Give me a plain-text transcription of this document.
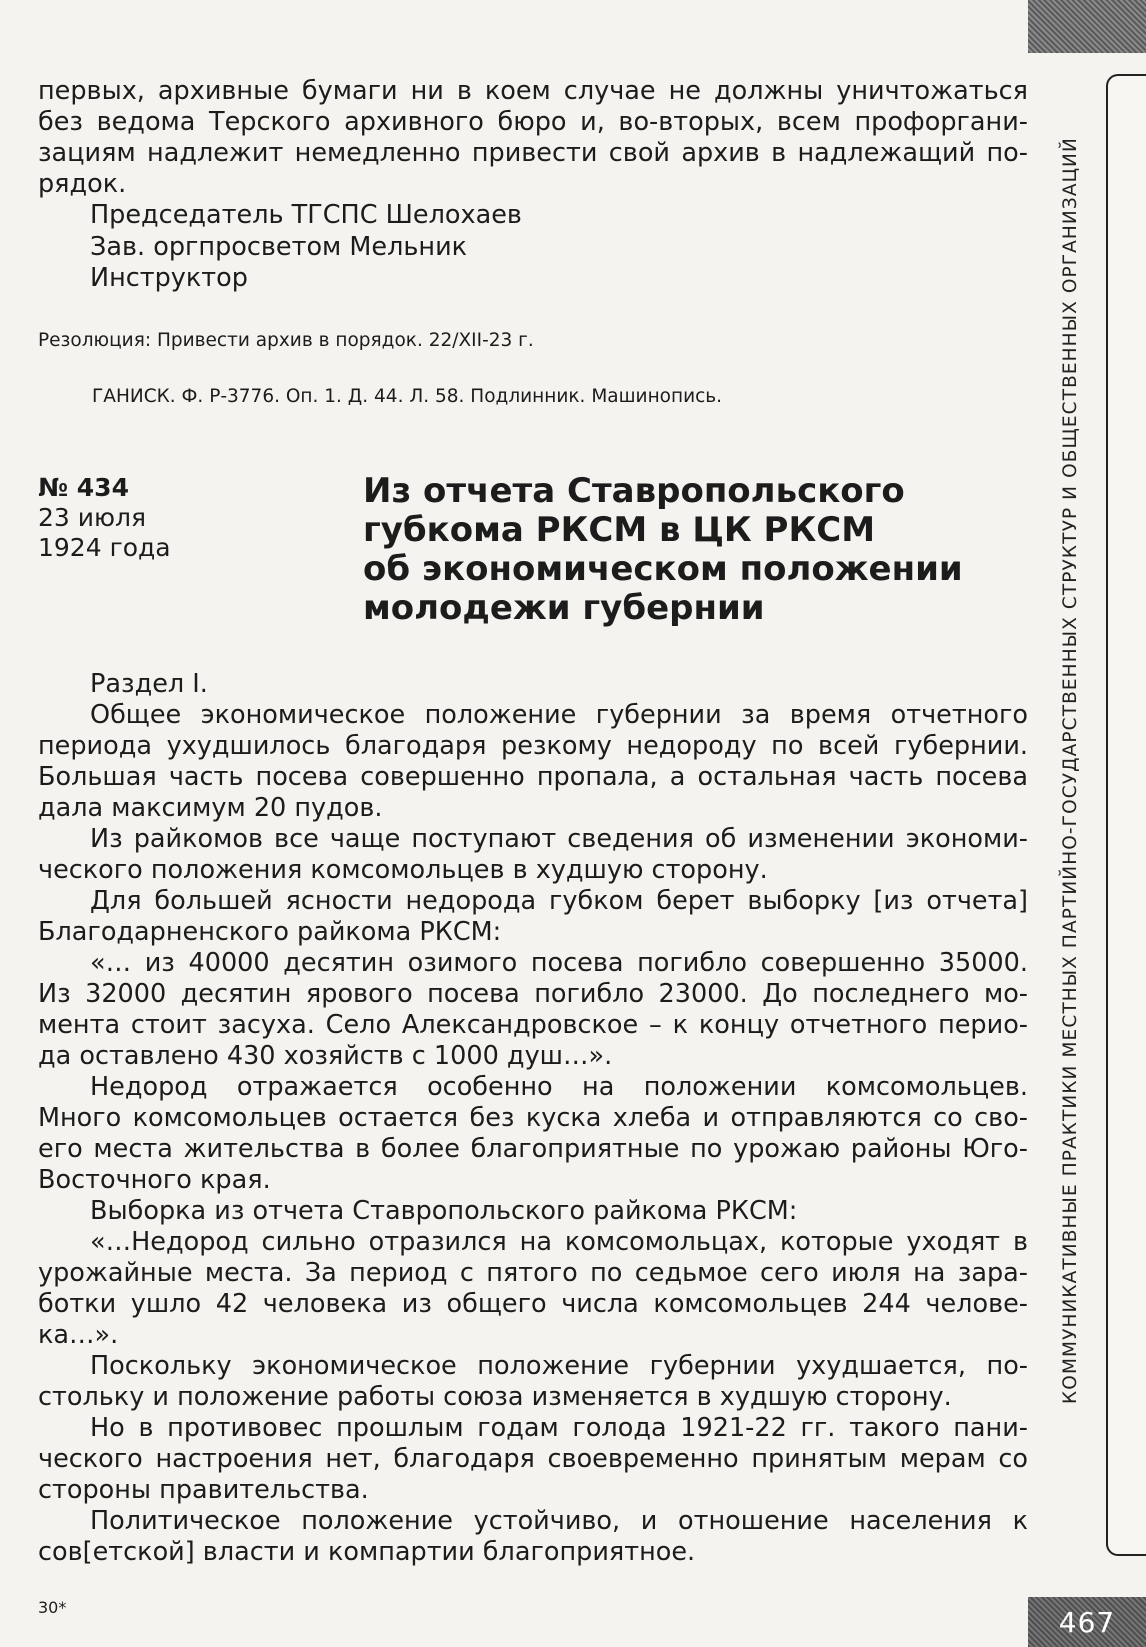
КОММУНИКАТИВНЫЕ ПРАКТИКИ МЕСТНЫХ ПАРТИЙНО-ГОСУДАРСТВЕННЫХ СТРУКТУР И ОБЩЕСТВЕННЫХ ОРГАНИЗАЦИЙ
первых, архивные бумаги ни в коем случае не должны уничтожаться
без ведома Терского архивного бюро и, во-вторых, всем профоргани-
зациям надлежит немедленно привести свой архив в надлежащий по-
рядок.
Председатель ТГСПС Шелохаев
Зав. оргпросветом Мельник
Инструктор
Резолюция: Привести архив в порядок. 22/XII-23 г.
ГАНИСК. Ф. Р-3776. Оп. 1. Д. 44. Л. 58. Подлинник. Машинопись.
№ 434
23 июля
1924 года
Из отчета Ставропольского
губкома РКСМ в ЦК РКСМ
об экономическом положении
молодежи губернии
Раздел I.
Общее экономическое положение губернии за время отчетного
периода ухудшилось благодаря резкому недороду по всей губернии.
Большая часть посева совершенно пропала, а остальная часть посева
дала максимум 20 пудов.
Из райкомов все чаще поступают сведения об изменении экономи-
ческого положения комсомольцев в худшую сторону.
Для большей ясности недорода губком берет выборку [из отчета]
Благодарненского райкома РКСМ:
«… из 40000 десятин озимого посева погибло совершенно 35000.
Из 32000 десятин ярового посева погибло 23000. До последнего мо-
мента стоит засуха. Село Александровское – к концу отчетного перио-
да оставлено 430 хозяйств с 1000 душ…».
Недород отражается особенно на положении комсомольцев.
Много комсомольцев остается без куска хлеба и отправляются со сво-
его места жительства в более благоприятные по урожаю районы Юго-
Восточного края.
Выборка из отчета Ставропольского райкома РКСМ:
«…Недород сильно отразился на комсомольцах, которые уходят в
урожайные места. За период с пятого по седьмое сего июля на зара-
ботки ушло 42 человека из общего числа комсомольцев 244 челове-
ка…».
Поскольку экономическое положение губернии ухудшается, по-
стольку и положение работы союза изменяется в худшую сторону.
Но в противовес прошлым годам голода 1921-22 гг. такого пани-
ческого настроения нет, благодаря своевременно принятым мерам со
стороны правительства.
Политическое положение устойчиво, и отношение населения к
сов[етской] власти и компартии благоприятное.
30*	467
